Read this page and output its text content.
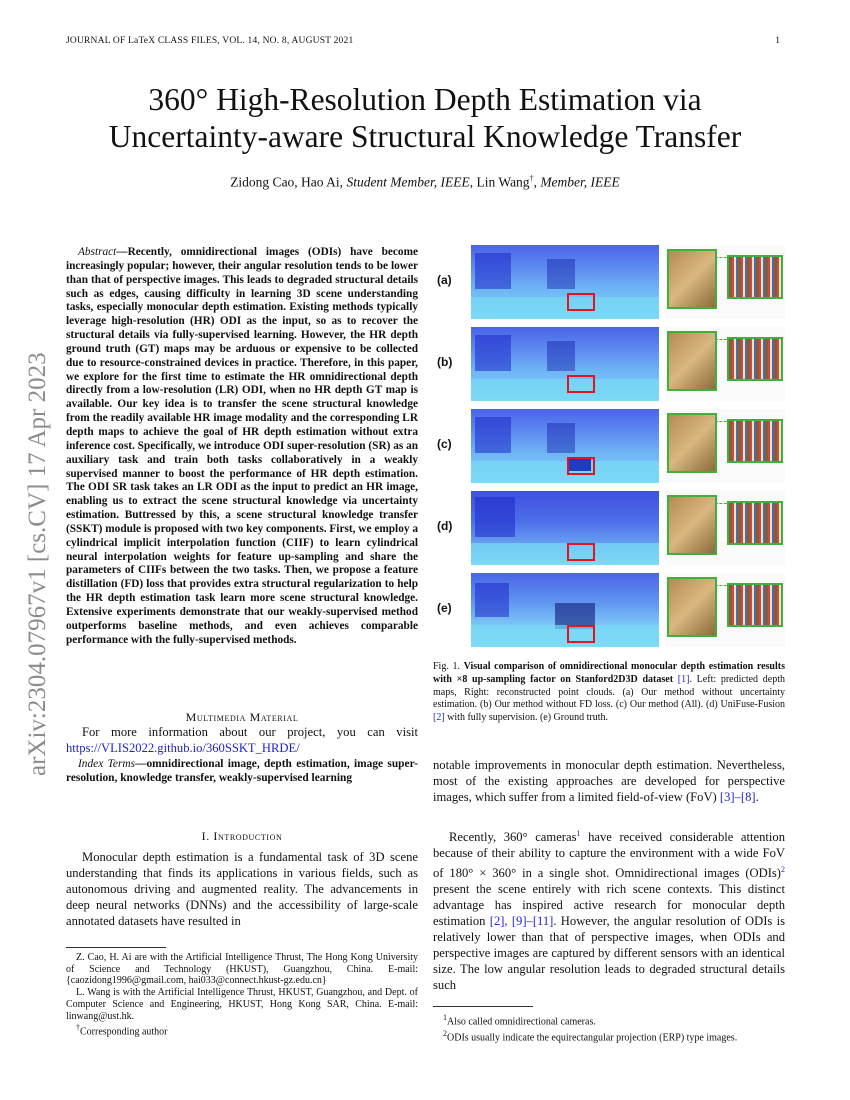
JOURNAL OF LaTeX CLASS FILES, VOL. 14, NO. 8, AUGUST 2021	1
arXiv:2304.07967v1 [cs.CV] 17 Apr 2023
360° High-Resolution Depth Estimation via
Uncertainty-aware Structural Knowledge Transfer
Zidong Cao, Hao Ai, Student Member, IEEE, Lin Wang†, Member, IEEE
Abstract—Recently, omnidirectional images (ODIs) have become increasingly popular; however, their angular resolution tends to be lower than that of perspective images. This leads to degraded structural details such as edges, causing difficulty in learning 3D scene understanding tasks, especially monocular depth estimation. Existing methods typically leverage high-resolution (HR) ODI as the input, so as to recover the structural details via fully-supervised learning. However, the HR depth ground truth (GT) maps may be arduous or expensive to be collected due to resource-constrained devices in practice. Therefore, in this paper, we explore for the first time to estimate the HR omnidirectional depth directly from a low-resolution (LR) ODI, when no HR depth GT map is available. Our key idea is to transfer the scene structural knowledge from the readily available HR image modality and the corresponding LR depth maps to achieve the goal of HR depth estimation without extra inference cost. Specifically, we introduce ODI super-resolution (SR) as an auxiliary task and train both tasks collaboratively in a weakly supervised manner to boost the performance of HR depth estimation. The ODI SR task takes an LR ODI as the input to predict an HR image, enabling us to extract the scene structural knowledge via uncertainty estimation. Buttressed by this, a scene structural knowledge transfer (SSKT) module is proposed with two key components. First, we employ a cylindrical implicit interpolation function (CIIF) to learn cylindrical neural interpolation weights for feature up-sampling and share the parameters of CIIFs between the two tasks. Then, we propose a feature distillation (FD) loss that provides extra structural regularization to help the HR depth estimation task learn more scene structural knowledge. Extensive experiments demonstrate that our weakly-supervised method outperforms baseline methods, and even achieves comparable performance with the fully-supervised methods.
Multimedia Material
For more information about our project, you can visit https://VLIS2022.github.io/360SSKT_HRDE/
Index Terms—omnidirectional image, depth estimation, image super-resolution, knowledge transfer, weakly-supervised learning
I. Introduction
Monocular depth estimation is a fundamental task of 3D scene understanding that finds its applications in various fields, such as autonomous driving and augmented reality. The advancements in deep neural networks (DNNs) and the accessibility of large-scale annotated datasets have resulted in

Z. Cao, H. Ai are with the Artificial Intelligence Thrust, The Hong Kong University of Science and Technology (HKUST), Guangzhou, China. E-mail: {caozidong1996@gmail.com, hai033@connect.hkust-gz.edu.cn}

L. Wang is with the Artificial Intelligence Thrust, HKUST, Guangzhou, and Dept. of Computer Science and Engineering, HKUST, Hong Kong SAR, China. E-mail: linwang@ust.hk.

†Corresponding author

(a)
(b)
(c)
(d)
(e)
Fig. 1. Visual comparison of omnidirectional monocular depth estimation results with ×8 up-sampling factor on Stanford2D3D dataset [1]. Left: predicted depth maps, Right: reconstructed point clouds. (a) Our method without uncertainty estimation. (b) Our method without FD loss. (c) Our method (All). (d) UniFuse-Fusion [2] with fully supervision. (e) Ground truth.
notable improvements in monocular depth estimation. Nevertheless, most of the existing approaches are developed for perspective images, which suffer from a limited field-of-view (FoV) [3]–[8].
Recently, 360° cameras$^1$ have received considerable attention because of their ability to capture the environment with a wide FoV of 180° × 360° in a single shot. Omnidirectional images (ODIs)$^2$ present the scene entirely with rich scene contexts. This distinct advantage has inspired active research for monocular depth estimation [2], [9]–[11]. However, the angular resolution of ODIs is relatively lower than that of perspective images, when ODIs and perspective images are captured by different sensors with an identical size. The low angular resolution leads to degraded structural details such

$^1$Also called omnidirectional cameras.

$^2$ODIs usually indicate the equirectangular projection (ERP) type images.
